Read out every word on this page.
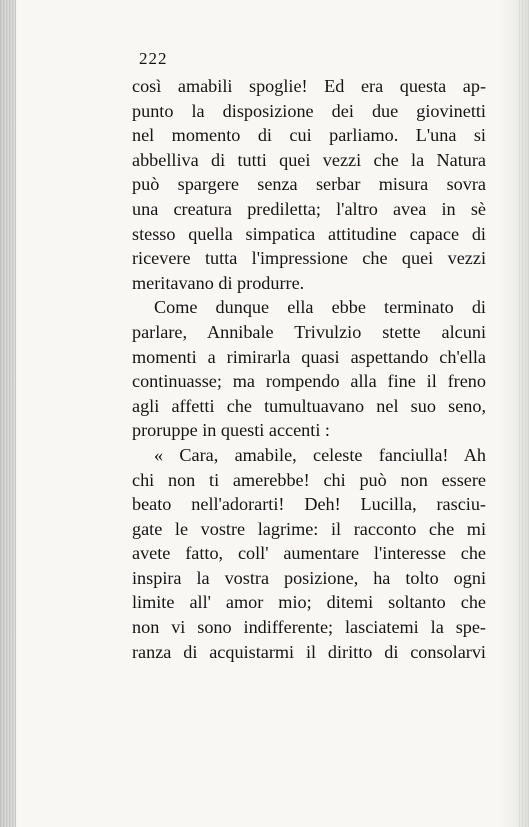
222
così amabili spoglie! Ed era questa ap-
punto la disposizione dei due giovinetti
nel momento di cui parliamo. L'una si
abbelliva di tutti quei vezzi che la Natura
può spargere senza serbar misura sovra
una creatura prediletta; l'altro avea in sè
stesso quella simpatica attitudine capace di
ricevere tutta l'impressione che quei vezzi
meritavano di produrre.
Come dunque ella ebbe terminato di
parlare, Annibale Trivulzio stette alcuni
momenti a rimirarla quasi aspettando ch'ella
continuasse; ma rompendo alla fine il freno
agli affetti che tumultuavano nel suo seno,
proruppe in questi accenti :
« Cara, amabile, celeste fanciulla! Ah
chi non ti amerebbe! chi può non essere
beato nell'adorarti! Deh! Lucilla, rasciu-
gate le vostre lagrime: il racconto che mi
avete fatto, coll' aumentare l'interesse che
inspira la vostra posizione, ha tolto ogni
limite all' amor mio; ditemi soltanto che
non vi sono indifferente; lasciatemi la spe-
ranza di acquistarmi il diritto di consolarvi
